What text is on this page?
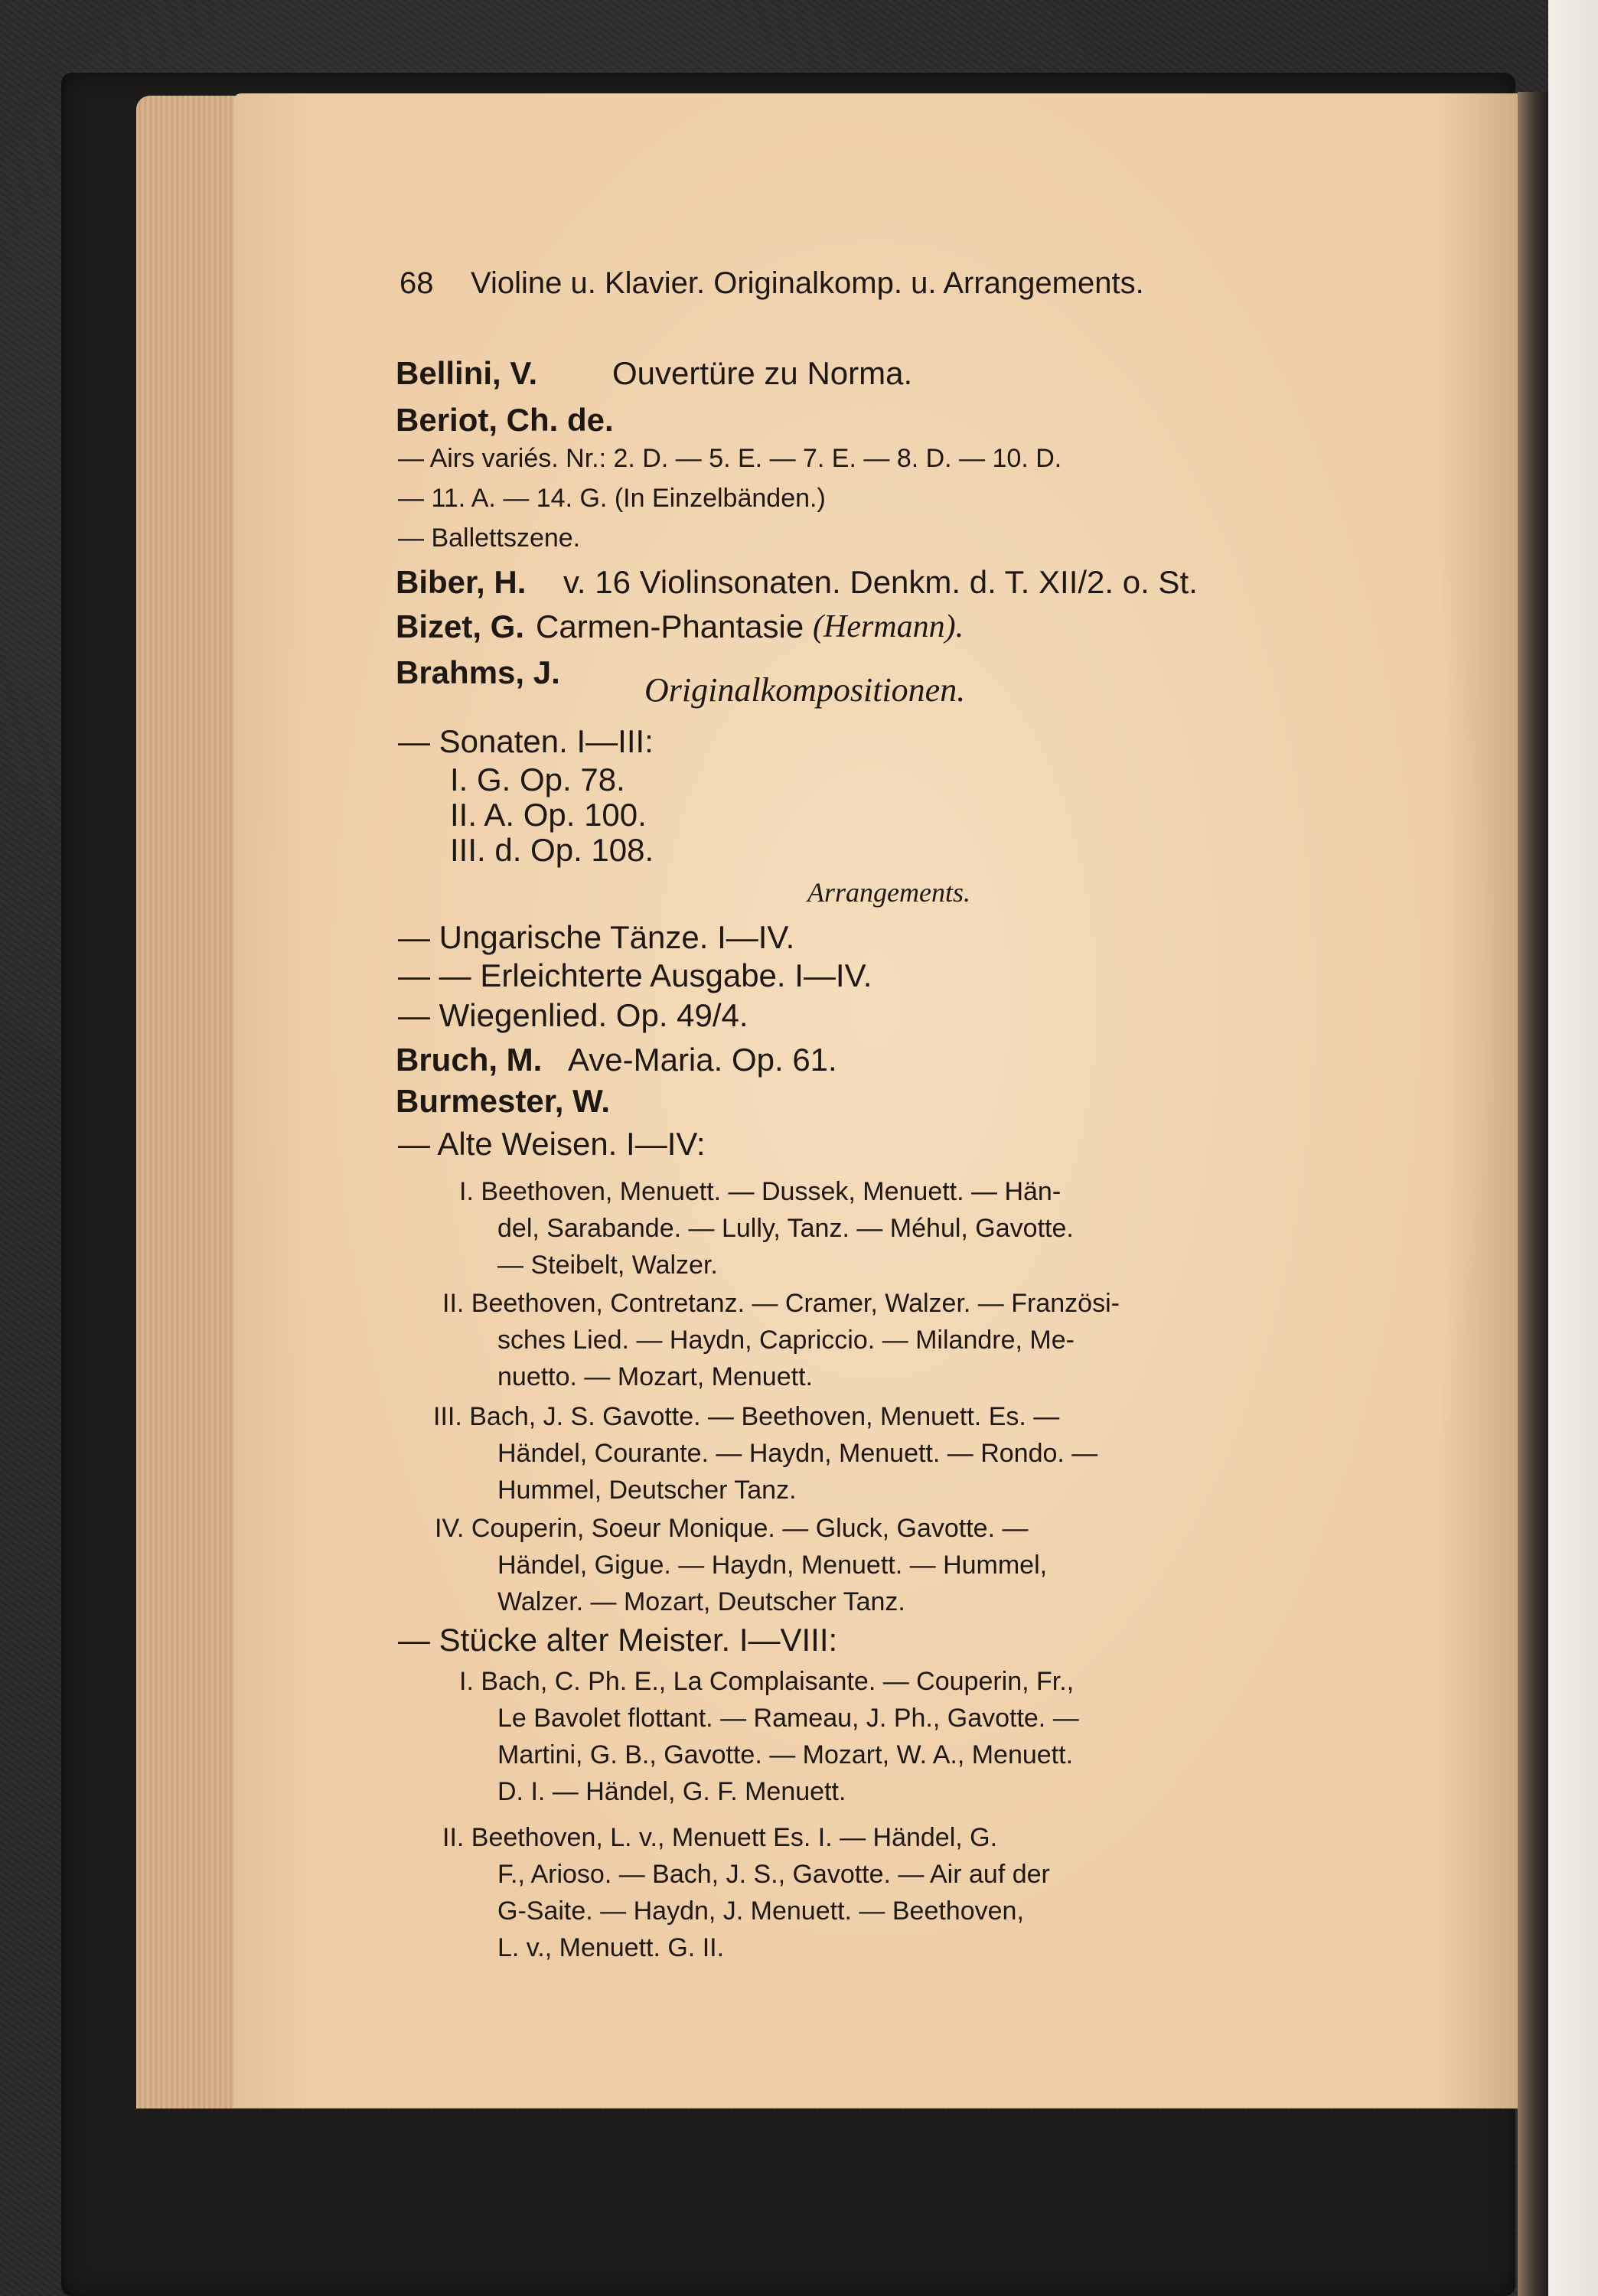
68 Violine u. Klavier. Originalkomp. u. Arrangements.
Bellini, V. Ouvertüre zu Norma.
Beriot, Ch. de.
— Airs variés. Nr.: 2. D. — 5. E. — 7. E. — 8. D. — 10. D.
— 11. A. — 14. G. (In Einzelbänden.)
— Ballettszene.
Biber, H. v. 16 Violinsonaten. Denkm. d. T. XII/2. o. St.
Bizet, G. Carmen-Phantasie (Hermann).
Brahms, J.	Originalkompositionen.
— Sonaten. I—III:
I. G. Op. 78.
II. A. Op. 100.
III. d. Op. 108.
Arrangements.
— Ungarische Tänze. I—IV.
— — Erleichterte Ausgabe. I—IV.
— Wiegenlied. Op. 49/4.
Bruch, M. Ave-Maria. Op. 61.
Burmester, W.
— Alte Weisen. I—IV:
I. Beethoven, Menuett. — Dussek, Menuett. — Hän-
del, Sarabande. — Lully, Tanz. — Méhul, Gavotte.
— Steibelt, Walzer.
II. Beethoven, Contretanz. — Cramer, Walzer. — Französi-
sches Lied. — Haydn, Capriccio. — Milandre, Me-
nuetto. — Mozart, Menuett.
III. Bach, J. S. Gavotte. — Beethoven, Menuett. Es. —
Händel, Courante. — Haydn, Menuett. — Rondo. —
Hummel, Deutscher Tanz.
IV. Couperin, Soeur Monique. — Gluck, Gavotte. —
Händel, Gigue. — Haydn, Menuett. — Hummel,
Walzer. — Mozart, Deutscher Tanz.
— Stücke alter Meister. I—VIII:
I. Bach, C. Ph. E., La Complaisante. — Couperin, Fr.,
Le Bavolet flottant. — Rameau, J. Ph., Gavotte. —
Martini, G. B., Gavotte. — Mozart, W. A., Menuett.
D. I. — Händel, G. F. Menuett.
II. Beethoven, L. v., Menuett Es. I. — Händel, G.
F., Arioso. — Bach, J. S., Gavotte. — Air auf der
G-Saite. — Haydn, J. Menuett. — Beethoven,
L. v., Menuett. G. II.
